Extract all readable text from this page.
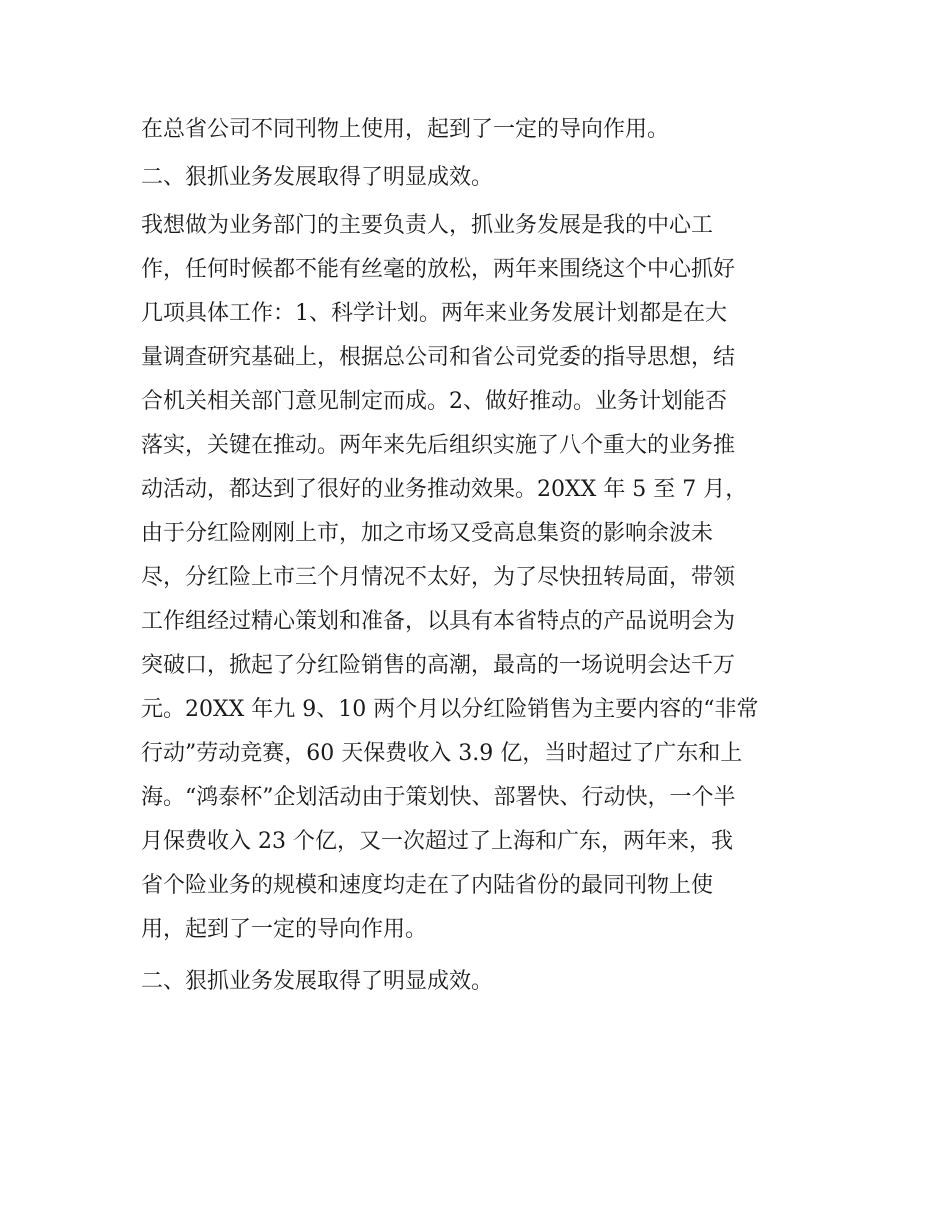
在总省公司不同刊物上使用，起到了一定的导向作用。

二、狠抓业务发展取得了明显成效。

我想做为业务部门的主要负责人，抓业务发展是我的中心工

作，任何时候都不能有丝毫的放松，两年来围绕这个中心抓好

几项具体工作：1、科学计划。两年来业务发展计划都是在大

量调查研究基础上，根据总公司和省公司党委的指导思想，结

合机关相关部门意见制定而成。2、做好推动。业务计划能否

落实，关键在推动。两年来先后组织实施了八个重大的业务推

动活动，都达到了很好的业务推动效果。20XX 年 5 至 7 月，

由于分红险刚刚上市，加之市场又受高息集资的影响余波未

尽，分红险上市三个月情况不太好，为了尽快扭转局面，带领

工作组经过精心策划和准备，以具有本省特点的产品说明会为

突破口，掀起了分红险销售的高潮，最高的一场说明会达千万

元。20XX 年九 9、10 两个月以分红险销售为主要内容的“非常

行动”劳动竞赛，60 天保费收入 3.9 亿，当时超过了广东和上

海。“鸿泰杯”企划活动由于策划快、部署快、行动快，一个半

月保费收入 23 个亿，又一次超过了上海和广东，两年来，我

省个险业务的规模和速度均走在了内陆省份的最同刊物上使

用，起到了一定的导向作用。

二、狠抓业务发展取得了明显成效。
